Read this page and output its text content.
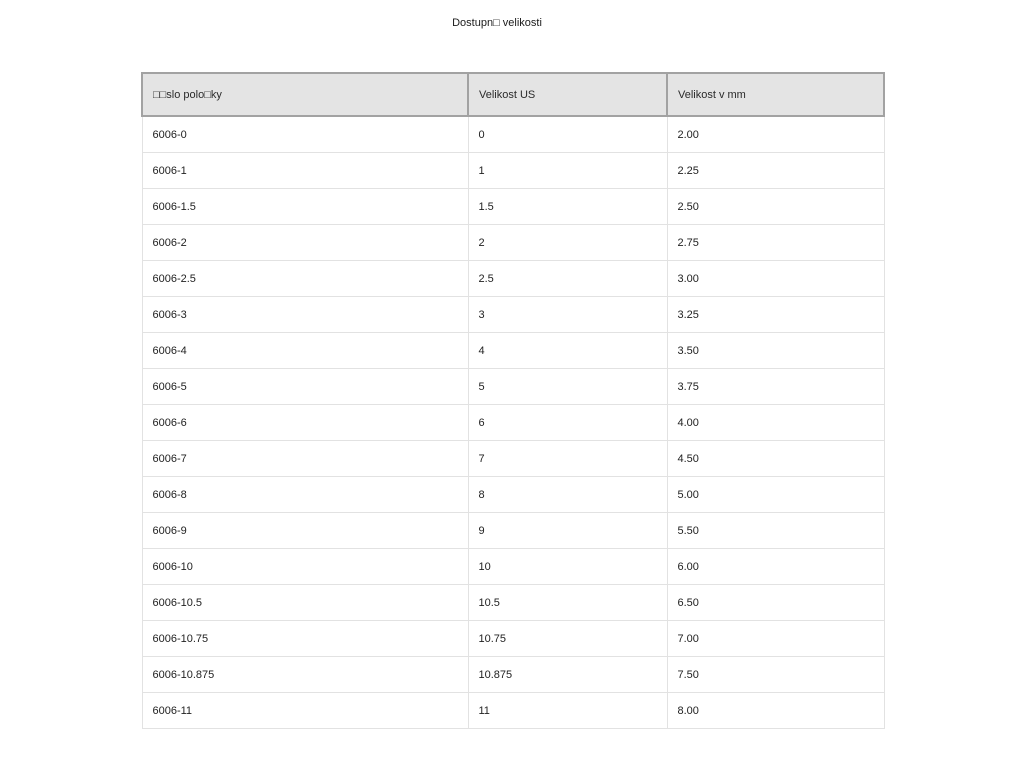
Dostupn□ velikosti
□□slo polo□ky	Velikost US	Velikost v mm
6006-0	0	2.00
6006-1	1	2.25
6006-1.5	1.5	2.50
6006-2	2	2.75
6006-2.5	2.5	3.00
6006-3	3	3.25
6006-4	4	3.50
6006-5	5	3.75
6006-6	6	4.00
6006-7	7	4.50
6006-8	8	5.00
6006-9	9	5.50
6006-10	10	6.00
6006-10.5	10.5	6.50
6006-10.75	10.75	7.00
6006-10.875	10.875	7.50
6006-11	11	8.00
